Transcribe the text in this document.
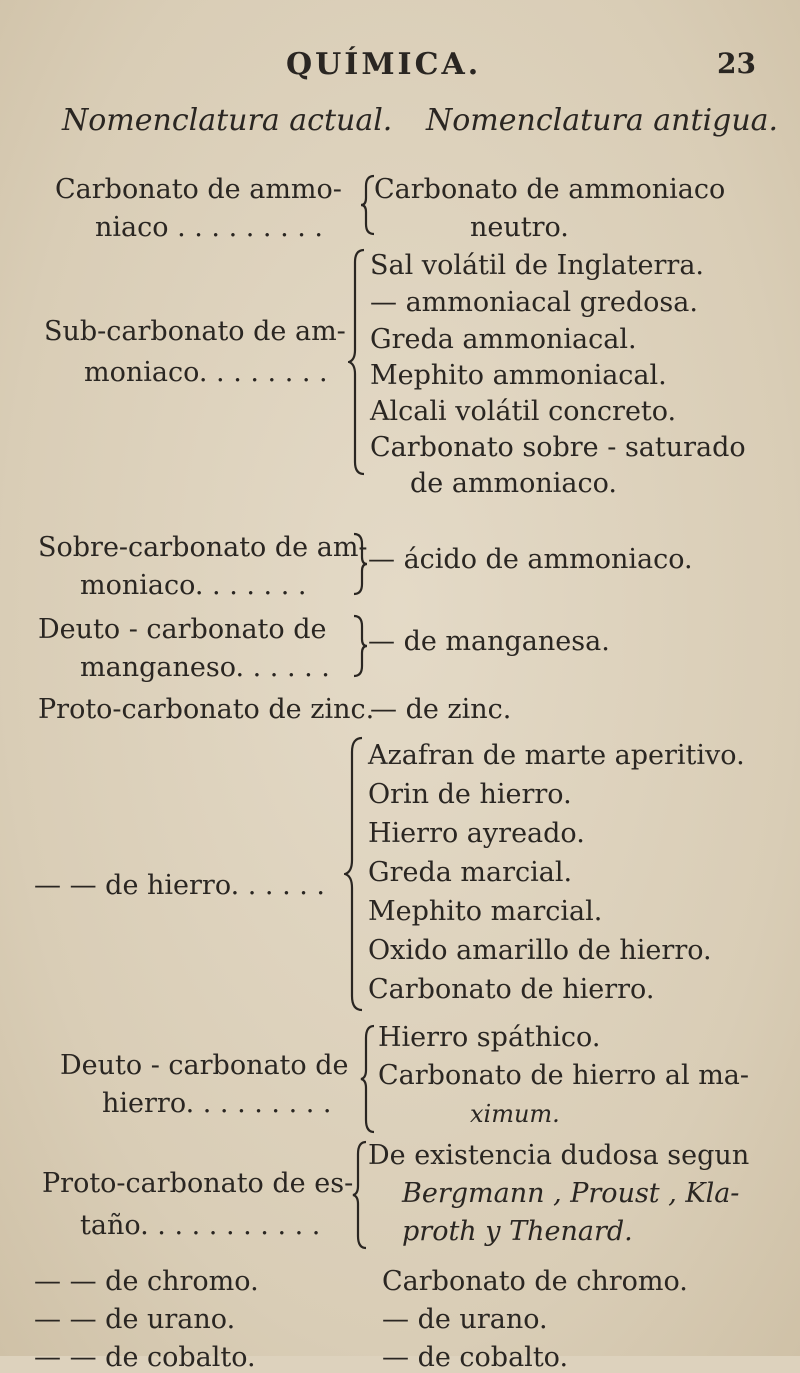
QUÍMICA.	23
Nomenclatura actual. Nomenclatura antigua.
Carbonato de ammo-
niaco . . . . . . . . .
Carbonato de ammoniaco
neutro.
Sub-carbonato de am-
moniaco. . . . . . . .
Sal volátil de Inglaterra.
— ammoniacal gredosa.
Greda ammoniacal.
Mephito ammoniacal.
Alcali volátil concreto.
Carbonato sobre - saturado
de ammoniaco.
Sobre-carbonato de am-
moniaco. . . . . . .
— ácido de ammoniaco.
Deuto - carbonato de
manganeso. . . . . .
— de manganesa.
Proto-carbonato de zinc.
— de zinc.
— — de hierro. . . . . .
Azafran de marte aperitivo.
Orin de hierro.
Hierro ayreado.
Greda marcial.
Mephito marcial.
Oxido amarillo de hierro.
Carbonato de hierro.
Deuto - carbonato de
hierro. . . . . . . . .
Hierro spáthico.
Carbonato de hierro al ma-
ximum.
Proto-carbonato de es-
taño. . . . . . . . . . .
De existencia dudosa segun
Bergmann , Proust , Kla-
proth y Thenard.
— — de chromo.	Carbonato de chromo.
— — de urano.	— de urano.
— — de cobalto.	— de cobalto.
